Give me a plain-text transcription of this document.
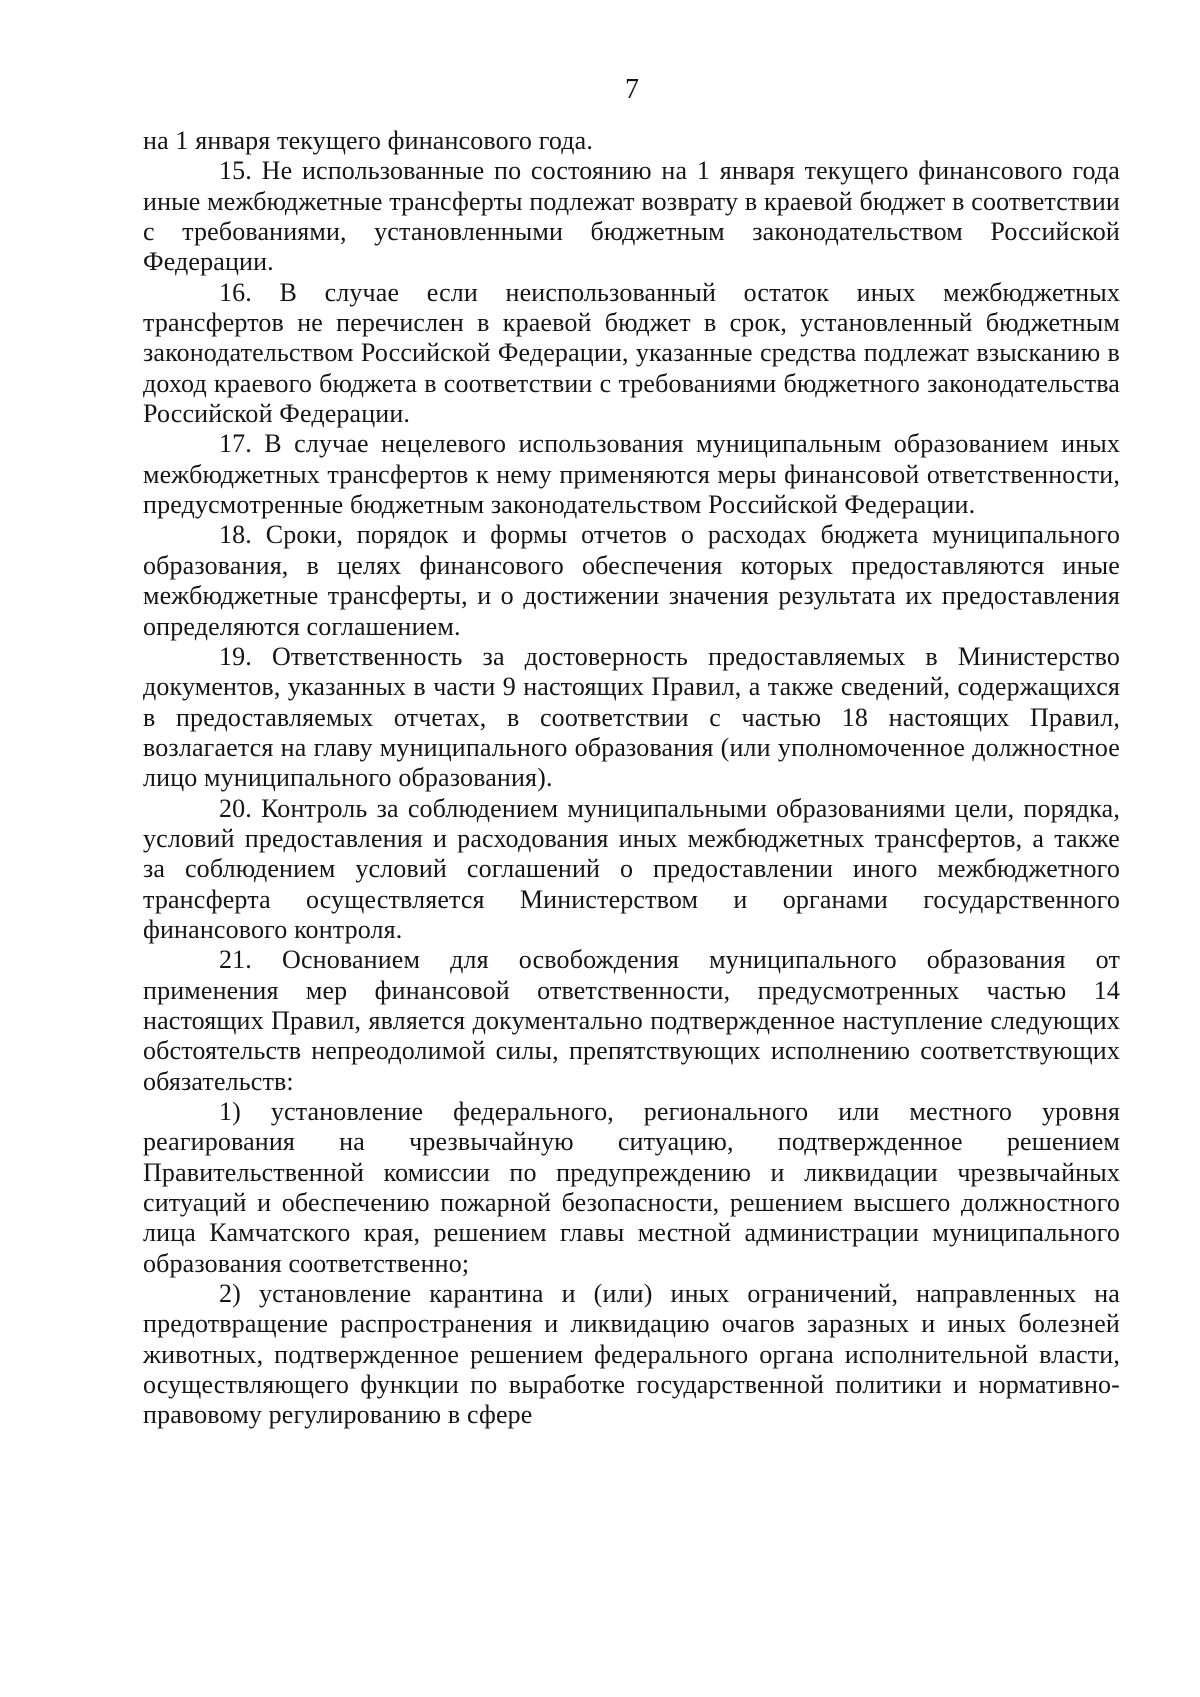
7

на 1 января текущего финансового года.

15. Не использованные по состоянию на 1 января текущего финансового года иные межбюджетные трансферты подлежат возврату в краевой бюджет в соответствии с требованиями, установленными бюджетным законодательством Российской Федерации.

16. В случае если неиспользованный остаток иных межбюджетных трансфертов не перечислен в краевой бюджет в срок, установленный бюджетным законодательством Российской Федерации, указанные средства подлежат взысканию в доход краевого бюджета в соответствии с требованиями бюджетного законодательства Российской Федерации.

17. В случае нецелевого использования муниципальным образованием иных межбюджетных трансфертов к нему применяются меры финансовой ответственности, предусмотренные бюджетным законодательством Российской Федерации.

18. Сроки, порядок и формы отчетов о расходах бюджета муниципального образования, в целях финансового обеспечения которых предоставляются иные межбюджетные трансферты, и о достижении значения результата их предоставления определяются соглашением.

19. Ответственность за достоверность предоставляемых в Министерство документов, указанных в части 9 настоящих Правил, а также сведений, содержащихся в предоставляемых отчетах, в соответствии с частью 18 настоящих Правил, возлагается на главу муниципального образования (или уполномоченное должностное лицо муниципального образования).

20. Контроль за соблюдением муниципальными образованиями цели, порядка, условий предоставления и расходования иных межбюджетных трансфертов, а также за соблюдением условий соглашений о предоставлении иного межбюджетного трансферта осуществляется Министерством и органами государственного финансового контроля.

21. Основанием для освобождения муниципального образования от применения мер финансовой ответственности, предусмотренных частью 14 настоящих Правил, является документально подтвержденное наступление следующих обстоятельств непреодолимой силы, препятствующих исполнению соответствующих обязательств:

1) установление федерального, регионального или местного уровня реагирования на чрезвычайную ситуацию, подтвержденное решением Правительственной комиссии по предупреждению и ликвидации чрезвычайных ситуаций и обеспечению пожарной безопасности, решением высшего должностного лица Камчатского края, решением главы местной администрации муниципального образования соответственно;

2) установление карантина и (или) иных ограничений, направленных на предотвращение распространения и ликвидацию очагов заразных и иных болезней животных, подтвержденное решением федерального органа исполнительной власти, осуществляющего функции по выработке государственной политики и нормативно-правовому регулированию в сфере
